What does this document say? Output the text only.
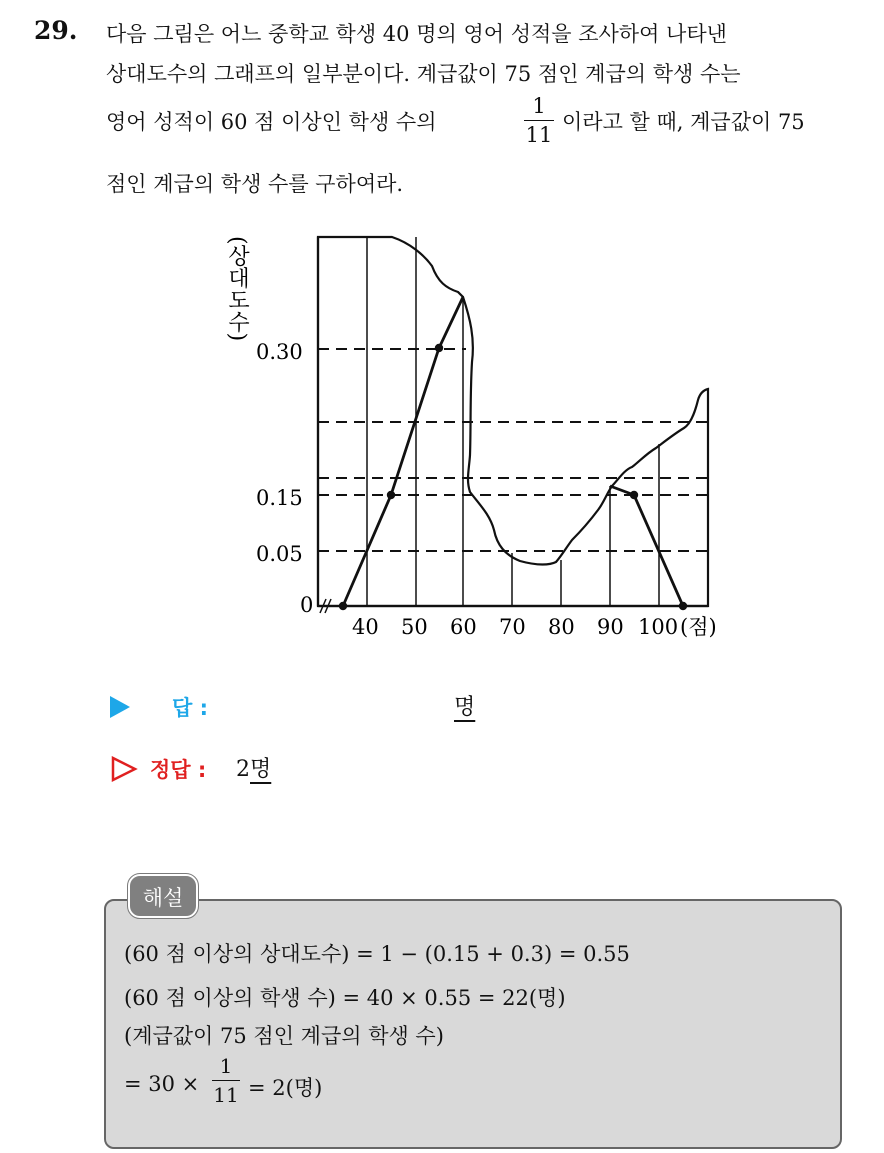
29. 다음 그림은 어느 중학교 학생 40 명의 영어 성적을 조사하여 나타낸
상대도수의 그래프의 일부분이다. 계급값이 75 점인 계급의 학생 수는
영어 성적이 60 점 이상인 학생 수의
1
11
이라고 할 때, 계급값이 75
점인 계급의 학생 수를 구하여라.
(상대도수)
0.30
0.15
0.05
0
40 50 60 70 80 90 100 (점)
답 :	명
정답 : 2명
해설
(60 점 이상의 상대도수) = 1 − (0.15 + 0.3) = 0.55
(60 점 이상의 학생 수) = 40 × 0.55 = 22(명)
(계급값이 75 점인 계급의 학생 수)
= 30 ×
1
11 = 2(명)
